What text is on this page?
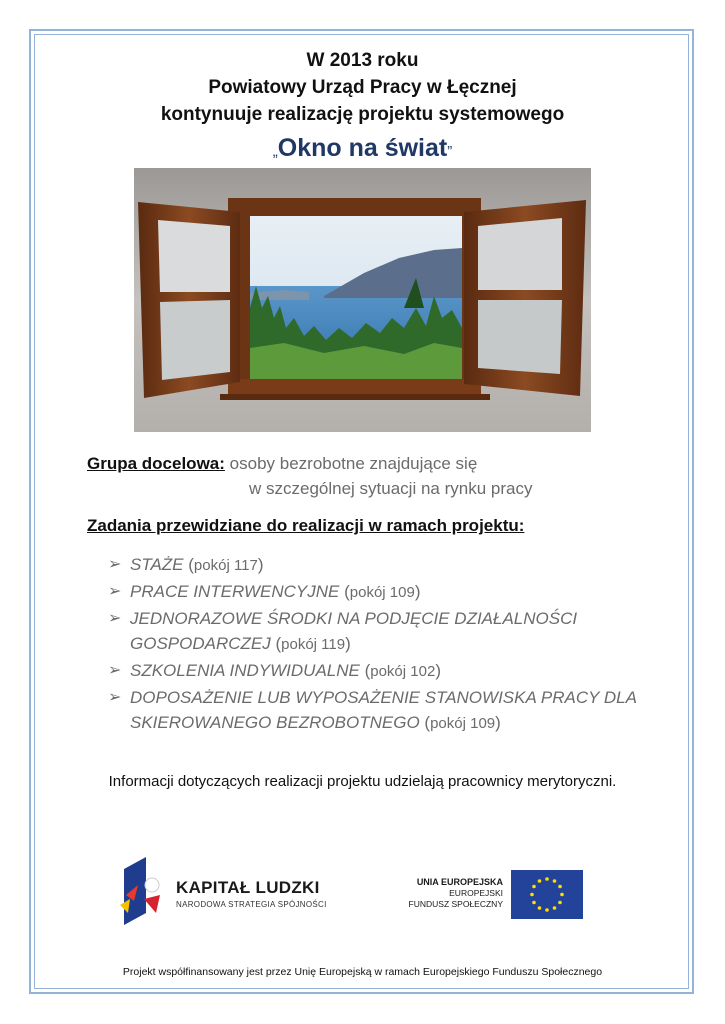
W 2013 roku
Powiatowy Urząd Pracy w Łęcznej
kontynuuje realizację projektu systemowego
„Okno na świat”
Grupa docelowa: osoby bezrobotne znajdujące się
w szczególnej sytuacji na rynku pracy
Zadania przewidziane do realizacji w ramach projektu:
➢ STAŻE (pokój 117)
➢ PRACE INTERWENCYJNE (pokój 109)
➢ JEDNORAZOWE ŚRODKI NA PODJĘCIE DZIAŁALNOŚCI GOSPODARCZEJ (pokój 119)
➢ SZKOLENIA INDYWIDUALNE (pokój 102)
➢ DOPOSAŻENIE LUB WYPOSAŻENIE STANOWISKA PRACY DLA SKIEROWANEGO BEZROBOTNEGO (pokój 109)
Informacji dotyczących realizacji projektu udzielają pracownicy merytoryczni.
KAPITAŁ LUDZKI
NARODOWA STRATEGIA SPÓJNOŚCI
UNIA EUROPEJSKA
EUROPEJSKI
FUNDUSZ SPOŁECZNY
Projekt współfinansowany jest przez Unię Europejską w ramach Europejskiego Funduszu Społecznego
